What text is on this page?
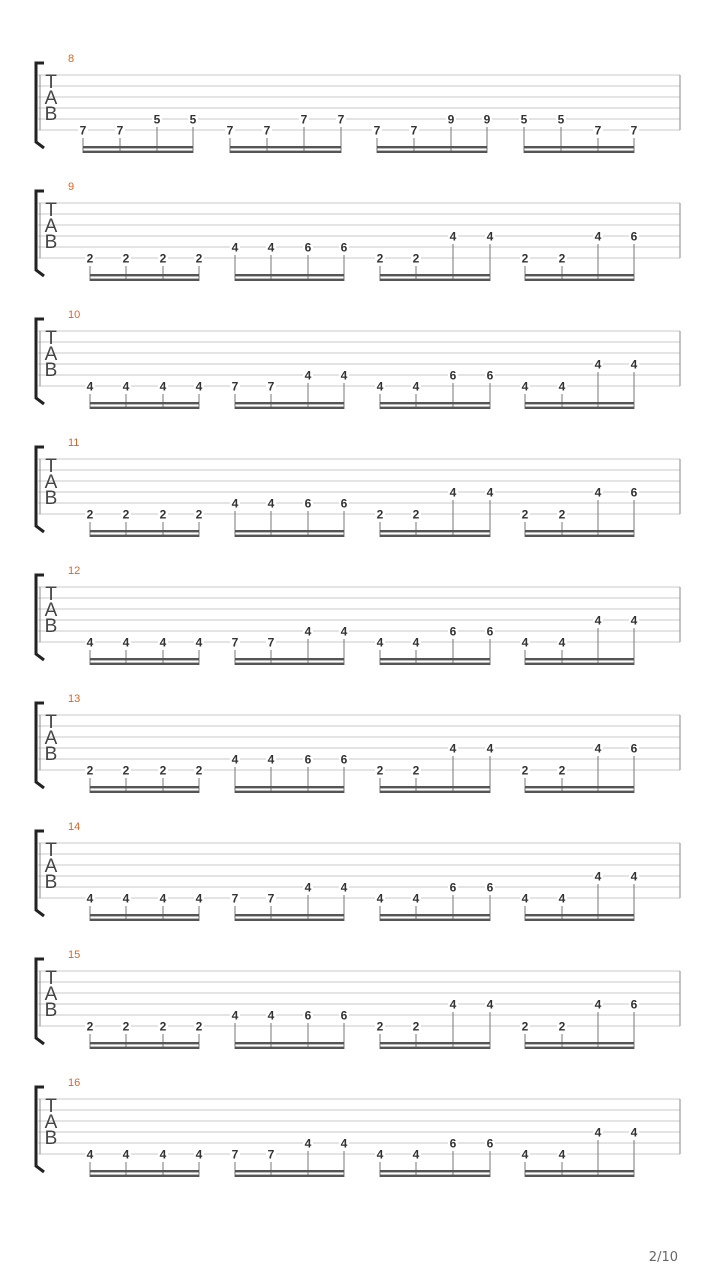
8
T
A
B
7	7
5 5
7	7
7	7
7	7
9 9	5	5
7 7
9
T
A
B
2 2	2 2
4 4	6 6
2 2
4	4
2	2
4 6
10
T
A
B
4 4	4 4 7 7
4 4
4 4
6	6
4	4
4 4
11
T
A
B
2 2	2 2
4 4	6 6
2 2
4	4
2	2
4 6
12
T
A
B
4 4	4 4 7 7
4 4
4 4
6	6
4	4
4 4
13
T
A
B
2 2	2 2
4 4	6 6
2 2
4	4
2	2
4 6
14
T
A
B
4 4	4 4 7 7
4 4
4 4
6	6
4	4
4 4
15
T
A
B
2 2	2 2
4 4	6 6
2 2
4	4
2	2
4 6
16
T
A
B
4 4	4 4 7 7
4 4
4 4
6	6
4	4
4 4
2/10
